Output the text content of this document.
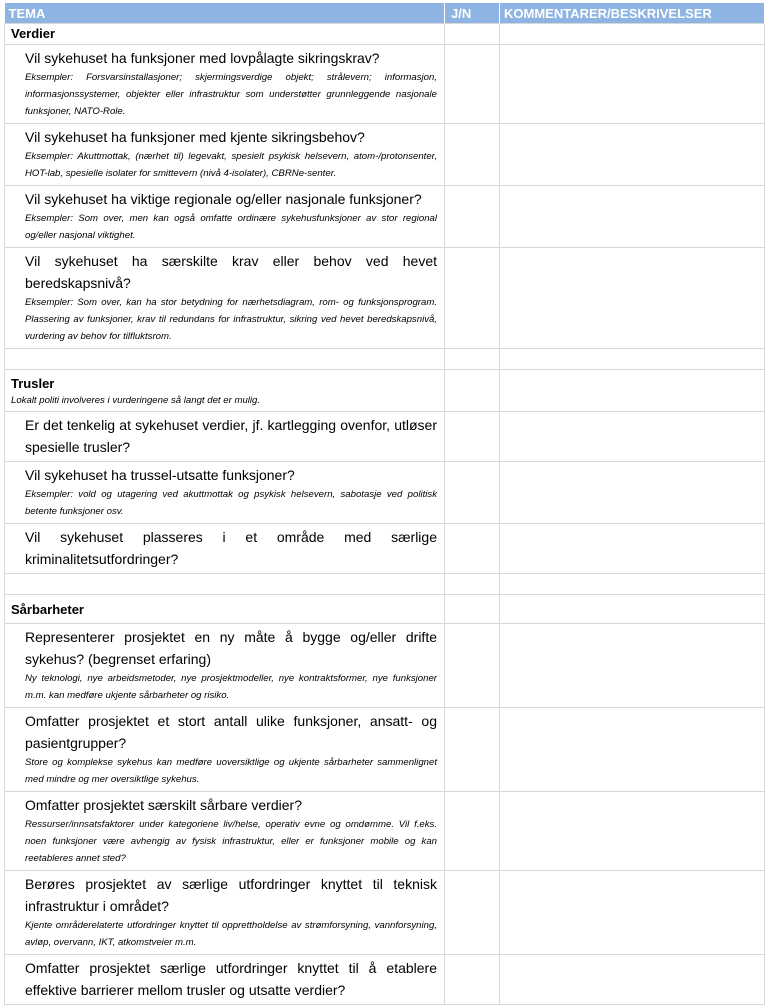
TEMA	J/N	KOMMENTARER/BESKRIVELSER

Verdier		

Vil sykehuset ha funksjoner med lovpålagte sikringskrav?
Eksempler: Forsvarsinstallasjoner; skjermingsverdige objekt; strålevern; informasjon, informasjonssystemer, objekter eller infrastruktur som understøtter grunnleggende nasjonale funksjoner, NATO-Role.		

Vil sykehuset ha funksjoner med kjente sikringsbehov?
Eksempler: Akuttmottak, (nærhet til) legevakt, spesielt psykisk helsevern, atom-/protonsenter, HOT-lab, spesielle isolater for smittevern (nivå 4-isolater), CBRNe-senter.		

Vil sykehuset ha viktige regionale og/eller nasjonale funksjoner?
Eksempler: Som over, men kan også omfatte ordinære sykehusfunksjoner av stor regional og/eller nasjonal viktighet.		

Vil sykehuset ha særskilte krav eller behov ved hevet beredskapsnivå?
Eksempler: Som over, kan ha stor betydning for nærhetsdiagram, rom- og funksjonsprogram. Plassering av funksjoner, krav til redundans for infrastruktur, sikring ved hevet beredskapsnivå, vurdering av behov for tilfluktsrom.		

Trusler
Lokalt politi involveres i vurderingene så langt det er mulig.		

Er det tenkelig at sykehuset verdier, jf. kartlegging ovenfor, utløser spesielle trusler?		

Vil sykehuset ha trussel-utsatte funksjoner?
Eksempler: vold og utagering ved akuttmottak og psykisk helsevern, sabotasje ved politisk betente funksjoner osv.		

Vil sykehuset plasseres i et område med særlige kriminalitetsutfordringer?		

Sårbarheter		

Representerer prosjektet en ny måte å bygge og/eller drifte sykehus? (begrenset erfaring)
Ny teknologi, nye arbeidsmetoder, nye prosjektmodeller, nye kontraktsformer, nye funksjoner m.m. kan medføre ukjente sårbarheter og risiko.		

Omfatter prosjektet et stort antall ulike funksjoner, ansatt- og pasientgrupper?
Store og komplekse sykehus kan medføre uoversiktlige og ukjente sårbarheter sammenlignet med mindre og mer oversiktlige sykehus.		

Omfatter prosjektet særskilt sårbare verdier?
Ressurser/innsatsfaktorer under kategoriene liv/helse, operativ evne og omdømme. Vil f.eks. noen funksjoner være avhengig av fysisk infrastruktur, eller er funksjoner mobile og kan reetableres annet sted?		

Berøres prosjektet av særlige utfordringer knyttet til teknisk infrastruktur i området?
Kjente områderelaterte utfordringer knyttet til opprettholdelse av strømforsyning, vannforsyning, avløp, overvann, IKT, atkomstveier m.m.		

Omfatter prosjektet særlige utfordringer knyttet til å etablere effektive barrierer mellom trusler og utsatte verdier?		
